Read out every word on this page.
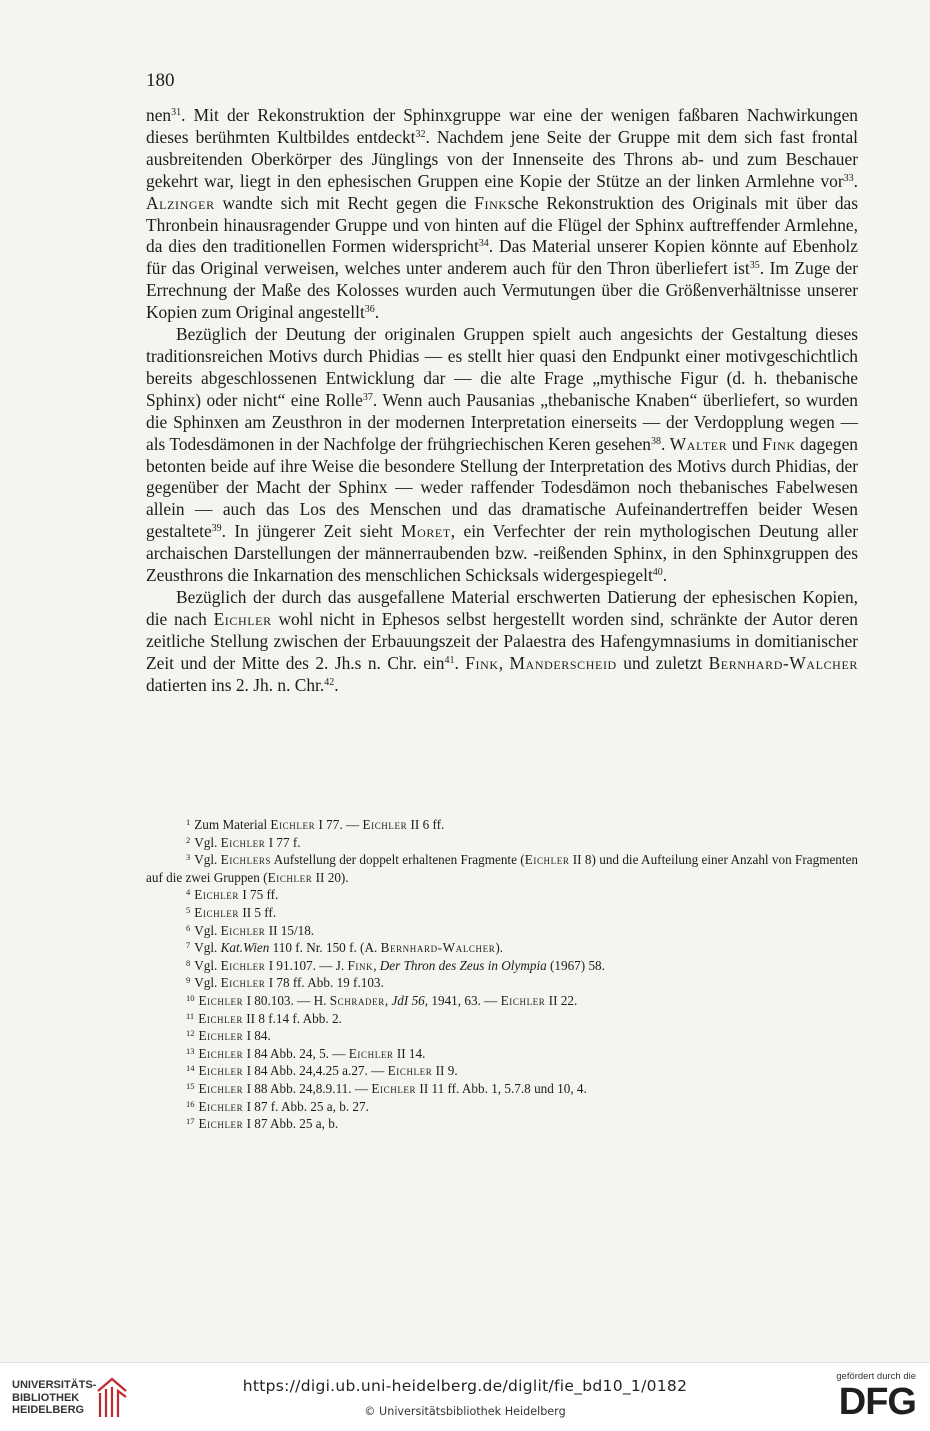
180

nen$^{31}$. Mit der Rekonstruktion der Sphinxgruppe war eine der wenigen faßbaren Nachwirkungen dieses berühmten Kultbildes entdeckt$^{32}$. Nachdem jene Seite der Gruppe mit dem sich fast frontal ausbreitenden Oberkörper des Jünglings von der Innenseite des Throns ab- und zum Beschauer gekehrt war, liegt in den ephesischen Gruppen eine Kopie der Stütze an der linken Armlehne vor$^{33}$. Alzinger wandte sich mit Recht gegen die Finksche Rekonstruktion des Originals mit über das Thronbein hinausragender Gruppe und von hinten auf die Flügel der Sphinx auftreffender Armlehne, da dies den traditionellen Formen widerspricht$^{34}$. Das Material unserer Kopien könnte auf Ebenholz für das Original verweisen, welches unter anderem auch für den Thron überliefert ist$^{35}$. Im Zuge der Errechnung der Maße des Kolosses wurden auch Vermutungen über die Größenverhältnisse unserer Kopien zum Original angestellt$^{36}$.

Bezüglich der Deutung der originalen Gruppen spielt auch angesichts der Gestaltung dieses traditionsreichen Motivs durch Phidias — es stellt hier quasi den Endpunkt einer motivgeschichtlich bereits abgeschlossenen Entwicklung dar — die alte Frage „mythische Figur (d. h. thebanische Sphinx) oder nicht“ eine Rolle$^{37}$. Wenn auch Pausanias „thebanische Knaben“ überliefert, so wurden die Sphinxen am Zeusthron in der modernen Interpretation einerseits — der Verdopplung wegen — als Todesdämonen in der Nachfolge der frühgriechischen Keren gesehen$^{38}$. Walter und Fink dagegen betonten beide auf ihre Weise die besondere Stellung der Interpretation des Motivs durch Phidias, der gegenüber der Macht der Sphinx — weder raffender Todesdämon noch thebanisches Fabelwesen allein — auch das Los des Menschen und das dramatische Aufeinandertreffen beider Wesen gestaltete$^{39}$. In jüngerer Zeit sieht Moret, ein Verfechter der rein mythologischen Deutung aller archaischen Darstellungen der männerraubenden bzw. -reißenden Sphinx, in den Sphinxgruppen des Zeusthrons die Inkarnation des menschlichen Schicksals widergespiegelt$^{40}$.

Bezüglich der durch das ausgefallene Material erschwerten Datierung der ephesischen Kopien, die nach Eichler wohl nicht in Ephesos selbst hergestellt worden sind, schränkte der Autor deren zeitliche Stellung zwischen der Erbauungszeit der Palaestra des Hafengymnasiums in domitianischer Zeit und der Mitte des 2. Jh.s n. Chr. ein$^{41}$. Fink, Manderscheid und zuletzt Bernhard-Walcher datierten ins 2. Jh. n. Chr.$^{42}$.

$^1$ Zum Material Eichler I 77. — Eichler II 6 ff.
$^2$ Vgl. Eichler I 77 f.
$^3$ Vgl. Eichlers Aufstellung der doppelt erhaltenen Fragmente (Eichler II 8) und die Aufteilung einer Anzahl von Fragmenten auf die zwei Gruppen (Eichler II 20).
$^4$ Eichler I 75 ff.
$^5$ Eichler II 5 ff.
$^6$ Vgl. Eichler II 15/18.
$^7$ Vgl. Kat.Wien 110 f. Nr. 150 f. (A. Bernhard-Walcher).
$^8$ Vgl. Eichler I 91.107. — J. Fink, Der Thron des Zeus in Olympia (1967) 58.
$^9$ Vgl. Eichler I 78 ff. Abb. 19 f.103.
$^{10}$ Eichler I 80.103. — H. Schrader, JdI 56, 1941, 63. — Eichler II 22.
$^{11}$ Eichler II 8 f.14 f. Abb. 2.
$^{12}$ Eichler I 84.
$^{13}$ Eichler I 84 Abb. 24, 5. — Eichler II 14.
$^{14}$ Eichler I 84 Abb. 24,4.25 a.27. — Eichler II 9.
$^{15}$ Eichler I 88 Abb. 24,8.9.11. — Eichler II 11 ff. Abb. 1, 5.7.8 und 10, 4.
$^{16}$ Eichler I 87 f. Abb. 25 a, b. 27.
$^{17}$ Eichler I 87 Abb. 25 a, b.
UNIVERSITÄTS-
BIBLIOTHEK
HEIDELBERG
https://digi.ub.uni-heidelberg.de/diglit/fie_bd10_1/0182
© Universitätsbibliothek Heidelberg
gefördert durch die
DFG
